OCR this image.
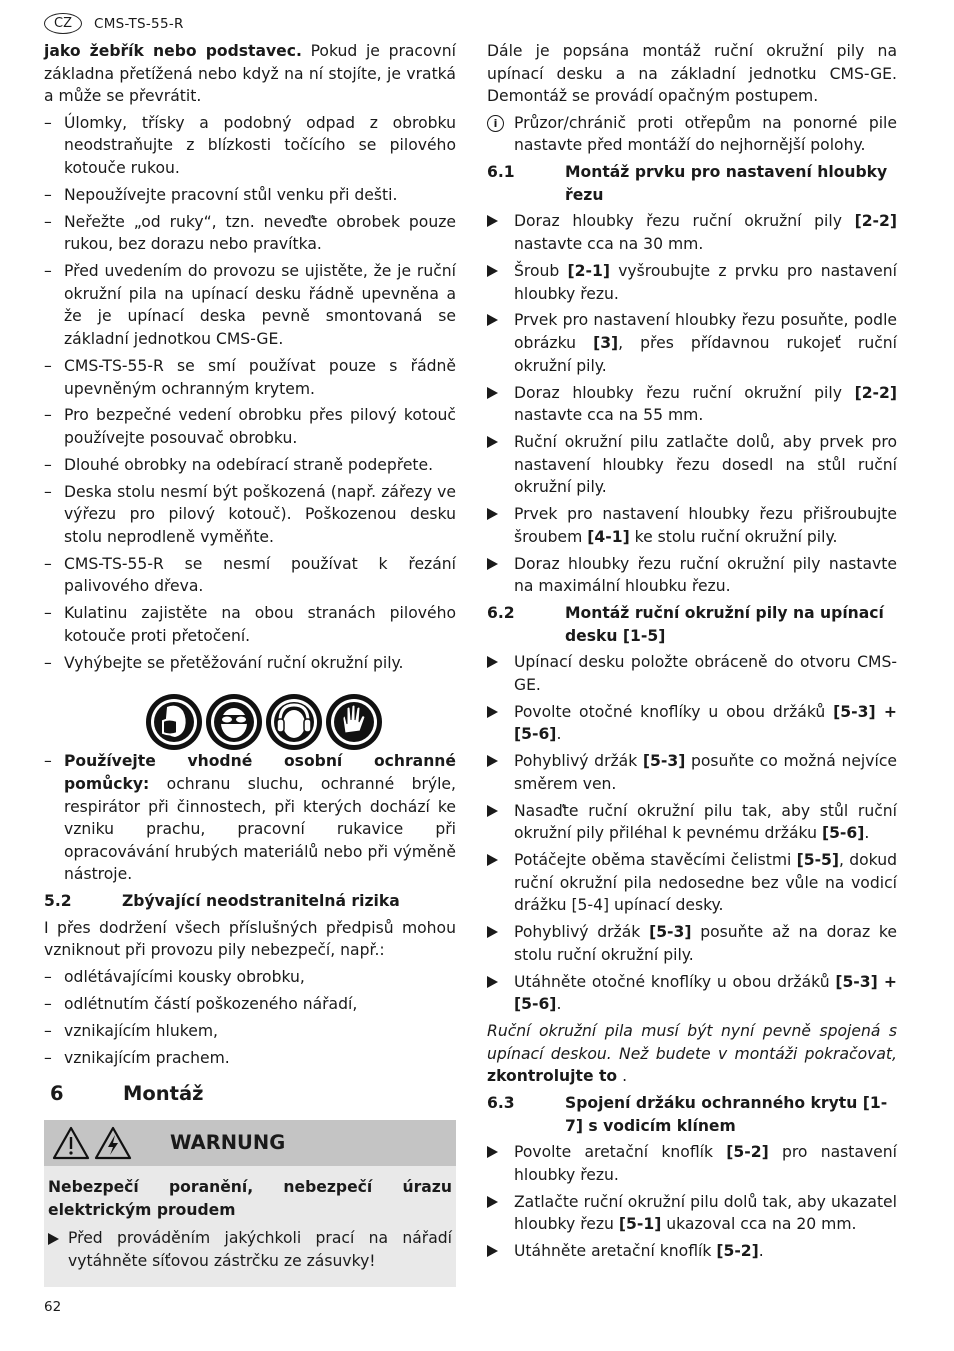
CZ	CMS-TS-55-R

jako žebřík nebo podstavec. Pokud je pracovní základna přetížená nebo když na ní stojíte, je vratká a může se převrátit.

– Úlomky, třísky a podobný odpad z obrobku neodstraňujte z blízkosti točícího se pilového kotouče rukou.
– Nepoužívejte pracovní stůl venku při dešti.
– Neřežte „od ruky“, tzn. neveďte obrobek pouze rukou, bez dorazu nebo pravítka.
– Před uvedením do provozu se ujistěte, že je ruční okružní pila na upínací desku řádně upevněna a že je upínací deska pevně smontovaná se základní jednotkou CMS-GE.
– CMS-TS-55-R se smí používat pouze s řádně upevněným ochranným krytem.
– Pro bezpečné vedení obrobku přes pilový kotouč používejte posouvač obrobku.
– Dlouhé obrobky na odebírací straně podepřete.
– Deska stolu nesmí být poškozená (např. zářezy ve výřezu pro pilový kotouč). Poškozenou desku stolu neprodleně vyměňte.
– CMS-TS-55-R se nesmí používat k řezání palivového dřeva.
– Kulatinu zajistěte na obou stranách pilového kotouče proti přetočení.
– Vyhýbejte se přetěžování ruční okružní pily.
– Používejte vhodné osobní ochranné pomůcky: ochranu sluchu, ochranné brýle, respirátor při činnostech, při kterých dochází ke vzniku prachu, pracovní rukavice při opracovávání hrubých materiálů nebo při výměně nástroje.
5.2	Zbývající neodstranitelná rizika

I přes dodržení všech příslušných předpisů mohou vzniknout při provozu pily nebezpečí, např.:

– odlétávajícími kousky obrobku,
– odlétnutím částí poškozeného nářadí,
– vznikajícím hlukem,
– vznikajícím prachem.
6	Montáž
WARNUNG
Nebezpečí poranění, nebezpečí úrazu elektrickým proudem
Před prováděním jakýchkoli prací na nářadí vytáhněte síťovou zástrčku ze zásuvky!

Dále je popsána montáž ruční okružní pily na upínací desku a na základní jednotku CMS-GE. Demontáž se provádí opačným postupem.

i	Průzor/chránič proti otřepům na ponorné pile nastavte před montáží do nejhornější polohy.
6.1	Montáž prvku pro nastavení hloubky řezu
Doraz hloubky řezu ruční okružní pily [2-2] nastavte cca na 30 mm.
Šroub [2-1] vyšroubujte z prvku pro nastavení hloubky řezu.
Prvek pro nastavení hloubky řezu posuňte, podle obrázku [3], přes přídavnou rukojeť ruční okružní pily.
Doraz hloubky řezu ruční okružní pily [2-2] nastavte cca na 55 mm.
Ruční okružní pilu zatlačte dolů, aby prvek pro nastavení hloubky řezu dosedl na stůl ruční okružní pily.
Prvek pro nastavení hloubky řezu přišroubujte šroubem [4-1] ke stolu ruční okružní pily.
Doraz hloubky řezu ruční okružní pily nastavte na maximální hloubku řezu.
6.2	Montáž ruční okružní pily na upínací desku [1-5]
Upínací desku položte obráceně do otvoru CMS-GE.
Povolte otočné knoflíky u obou držáků [5-3] + [5-6].
Pohyblivý držák [5-3] posuňte co možná nejvíce směrem ven.
Nasaďte ruční okružní pilu tak, aby stůl ruční okružní pily přiléhal k pevnému držáku [5-6].
Potáčejte oběma stavěcími čelistmi [5-5], dokud ruční okružní pila nedosedne bez vůle na vodicí drážku [5-4] upínací desky.
Pohyblivý držák [5-3] posuňte až na doraz ke stolu ruční okružní pily.
Utáhněte otočné knoflíky u obou držáků [5-3] + [5-6].

Ruční okružní pila musí být nyní pevně spojená s upínací deskou. Než budete v montáži pokračovat, zkontrolujte to .

6.3	Spojení držáku ochranného krytu [1-7] s vodicím klínem
Povolte aretační knoflík [5-2] pro nastavení hloubky řezu.
Zatlačte ruční okružní pilu dolů tak, aby ukazatel hloubky řezu [5-1] ukazoval cca na 20 mm.
Utáhněte aretační knoflík [5-2].
62
